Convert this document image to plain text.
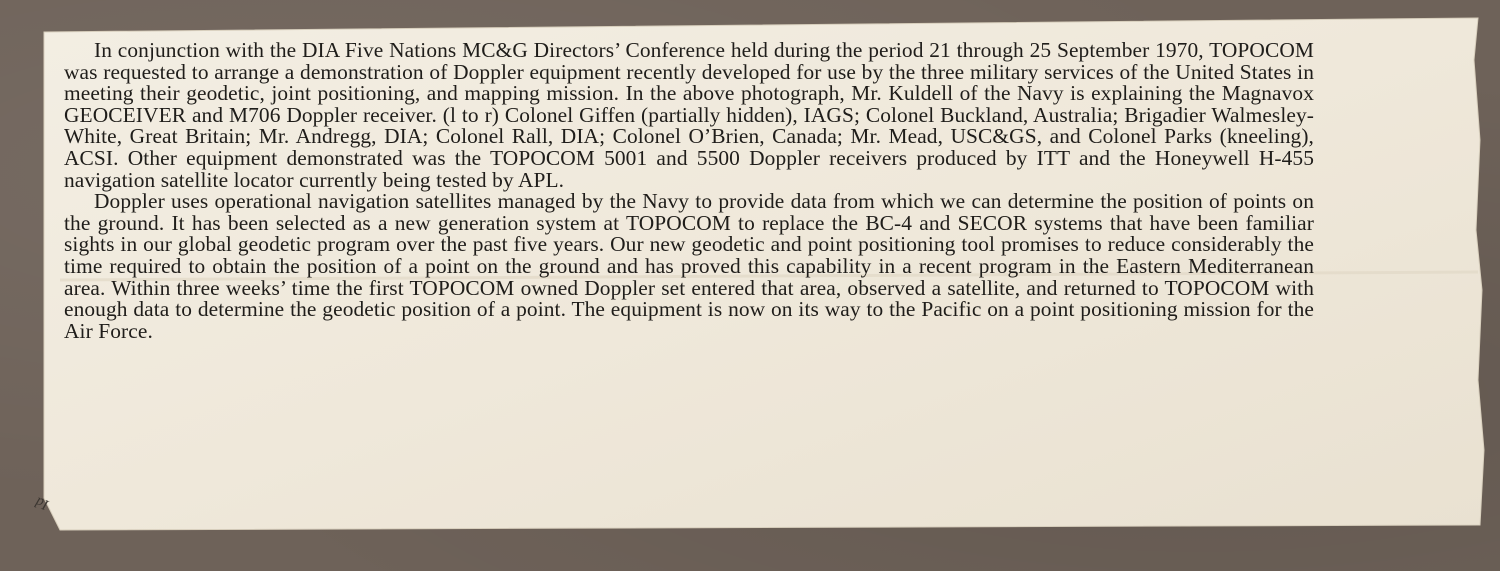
In conjunction with the DIA Five Nations MC&G Directors’ Conference held during the period 21 through 25 September 1970, TOPOCOM was requested to arrange a demonstration of Doppler equipment recently developed for use by the three military services of the United States in meeting their geodetic, joint positioning, and mapping mission. In the above photograph, Mr. Kuldell of the Navy is explaining the Magnavox GEOCEIVER and M706 Doppler receiver. (l to r) Colonel Giffen (partially hidden), IAGS; Colonel Buckland, Australia; Brigadier Walmesley-White, Great Britain; Mr. Andregg, DIA; Colonel Rall, DIA; Colonel O’Brien, Canada; Mr. Mead, USC&GS, and Colonel Parks (kneeling), ACSI. Other equipment demonstrated was the TOPOCOM 5001 and 5500 Doppler receivers produced by ITT and the Honeywell H-455 navigation satellite locator currently being tested by APL.

Doppler uses operational navigation satellites managed by the Navy to provide data from which we can determine the position of points on the ground. It has been selected as a new generation system at TOPOCOM to replace the BC-4 and SECOR systems that have been familiar sights in our global geodetic program over the past five years. Our new geodetic and point positioning tool promises to reduce considerably the time required to obtain the position of a point on the ground and has proved this capability in a recent program in the Eastern Mediterranean area. Within three weeks’ time the first TOPOCOM owned Doppler set entered that area, observed a satellite, and returned to TOPOCOM with enough data to determine the geodetic position of a point. The equipment is now on its way to the Pacific on a point positioning mission for the Air Force.

Id
